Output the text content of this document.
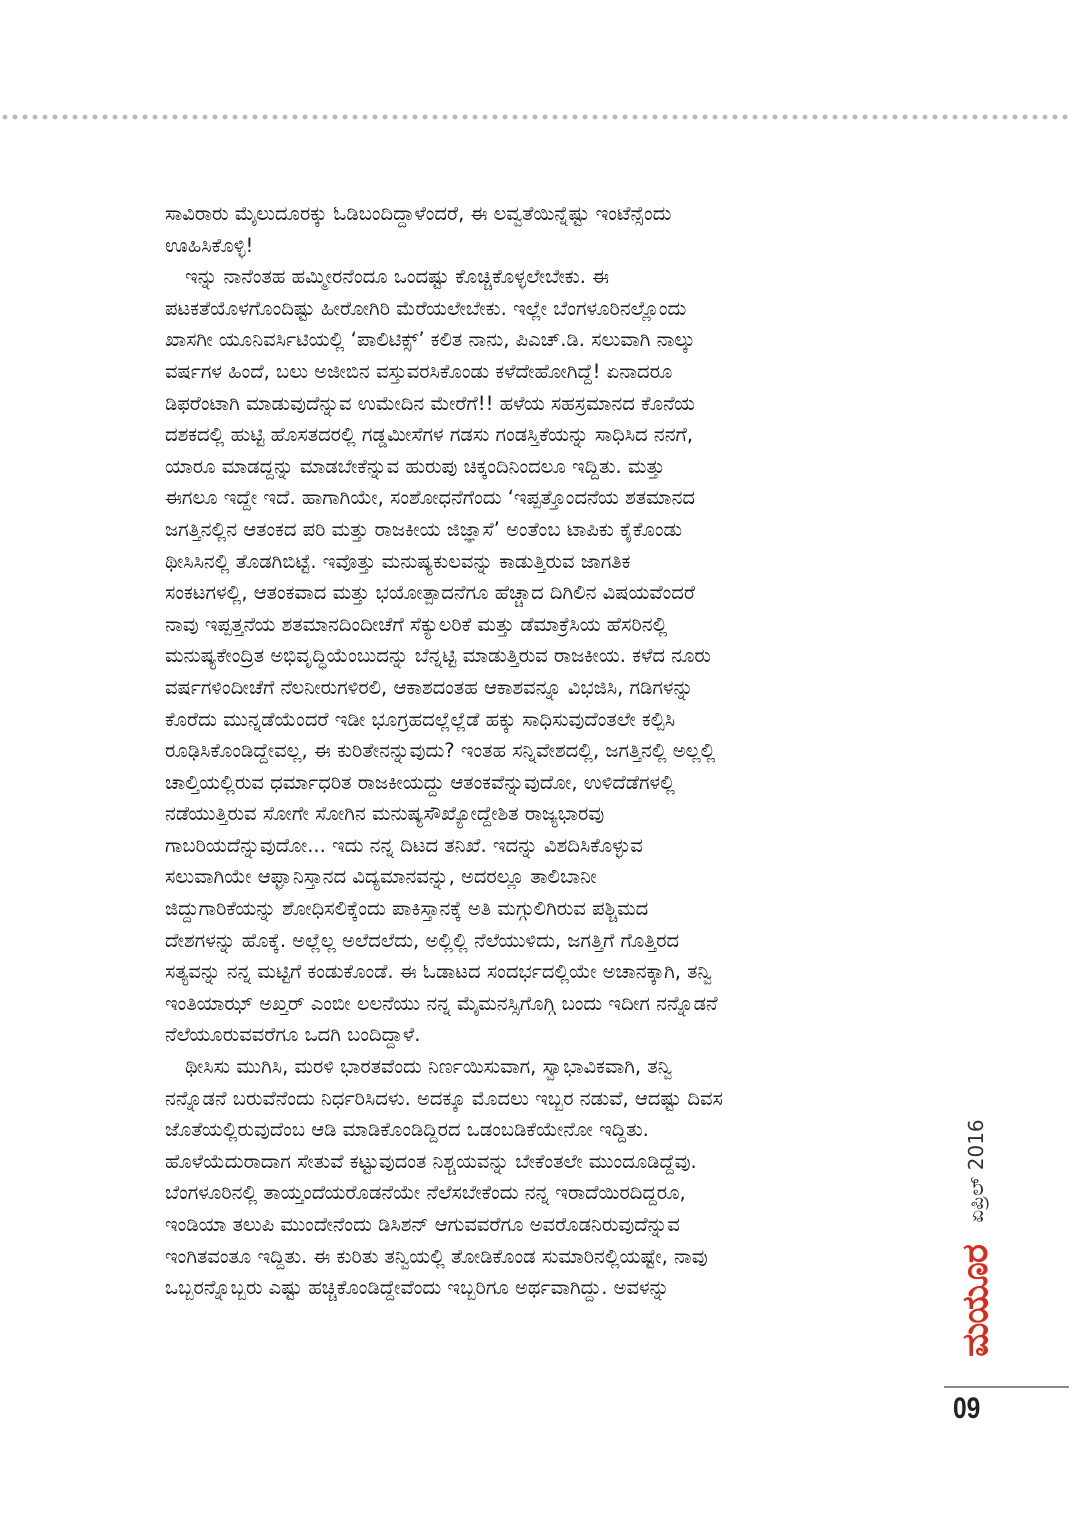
ಸಾವಿರಾರು ಮೈಲುದೂರಕ್ಕು ಓಡಿಬಂದಿದ್ದಾಳೆಂದರೆ, ಈ ಲವ್ವತೆಯಿನ್ನೆಷ್ಟು ಇಂಟೆನ್ಸೆಂದು
ಊಹಿಸಿಕೊಳ್ಳಿ!

ಇನ್ನು ನಾನೆಂತಹ ಹಮ್ಮೀರನೆಂದೂ ಒಂದಷ್ಟು ಕೊಚ್ಚಿಕೊಳ್ಳಲೇಬೇಕು. ಈ
ಪಟಕತೆಯೊಳಗೊಂದಿಷ್ಟು ಹೀರೋಗಿರಿ ಮೆರೆಯಲೇಬೇಕು. ಇಲ್ಲೇ ಬೆಂಗಳೂರಿನಲ್ಲೊಂದು
ಖಾಸಗೀ ಯೂನಿವರ್ಸಿಟಿಯಲ್ಲಿ ‘ಪಾಲಿಟಿಕ್ಸ್’ ಕಲಿತ ನಾನು, ಪಿಎಚ್.ಡಿ. ಸಲುವಾಗಿ ನಾಲ್ಕು
ವರ್ಷಗಳ ಹಿಂದೆ, ಬಲು ಅಜೀಬಿನ ವಸ್ತುವರಸಿಕೊಂಡು ಕಳೆದೇಹೋಗಿದ್ದೆ! ಏನಾದರೂ
ಡಿಫರೆಂಟಾಗಿ ಮಾಡುವುದೆನ್ನುವ ಉಮೇದಿನ ಮೇರೆಗೆ!! ಹಳೆಯ ಸಹಸ್ರಮಾನದ ಕೊನೆಯ
ದಶಕದಲ್ಲಿ ಹುಟ್ಟಿ ಹೊಸತದರಲ್ಲಿ ಗಡ್ಡಮೀಸೆಗಳ ಗಡಸು ಗಂಡಸ್ತಿಕೆಯನ್ನು ಸಾಧಿಸಿದ ನನಗೆ,
ಯಾರೂ ಮಾಡದ್ದನ್ನು ಮಾಡಬೇಕೆನ್ನುವ ಹುರುಪು ಚಿಕ್ಕಂದಿನಿಂದಲೂ ಇದ್ದಿತು. ಮತ್ತು
ಈಗಲೂ ಇದ್ದೇ ಇದೆ. ಹಾಗಾಗಿಯೇ, ಸಂಶೋಧನೆಗೆಂದು ‘ಇಪ್ಪತ್ತೊಂದನೆಯ ಶತಮಾನದ
ಜಗತ್ತಿನಲ್ಲಿನ ಆತಂಕದ ಪರಿ ಮತ್ತು ರಾಜಕೀಯ ಜಿಜ್ಞಾಸೆ’ ಅಂತೆಂಬ ಟಾಪಿಕು ಕೈಕೊಂಡು
ಥೀಸಿಸಿನಲ್ಲಿ ತೊಡಗಿಬಿಟ್ಟೆ. ಇವೊತ್ತು ಮನುಷ್ಯಕುಲವನ್ನು ಕಾಡುತ್ತಿರುವ ಜಾಗತಿಕ
ಸಂಕಟಗಳಲ್ಲಿ, ಆತಂಕವಾದ ಮತ್ತು ಭಯೋತ್ಪಾದನೆಗೂ ಹೆಚ್ಚಾದ ದಿಗಿಲಿನ ವಿಷಯವೆಂದರೆ
ನಾವು ಇಪ್ಪತ್ತನೆಯ ಶತಮಾನದಿಂದೀಚೆಗೆ ಸೆಕ್ಯುಲರಿಕೆ ಮತ್ತು ಡೆಮಾಕ್ರೆಸಿಯ ಹೆಸರಿನಲ್ಲಿ
ಮನುಷ್ಯಕೇಂದ್ರಿತ ಅಭಿವೃದ್ಧಿಯೆಂಬುದನ್ನು ಬೆನ್ನಟ್ಟಿ ಮಾಡುತ್ತಿರುವ ರಾಜಕೀಯ. ಕಳೆದ ನೂರು
ವರ್ಷಗಳಿಂದೀಚೆಗೆ ನೆಲನೀರುಗಳಿರಲಿ, ಆಕಾಶದಂತಹ ಆಕಾಶವನ್ನೂ ವಿಭಜಿಸಿ, ಗಡಿಗಳನ್ನು
ಕೊರೆದು ಮುನ್ನಡೆಯೆಂದರೆ ಇಡೀ ಭೂಗ್ರಹದಲ್ಲೆಲ್ಲೆಡೆ ಹಕ್ಕು ಸಾಧಿಸುವುದೆಂತಲೇ ಕಲ್ಪಿಸಿ
ರೂಢಿಸಿಕೊಂಡಿದ್ದೇವಲ್ಲ, ಈ ಕುರಿತೇನನ್ನುವುದು? ಇಂತಹ ಸನ್ನಿವೇಶದಲ್ಲಿ, ಜಗತ್ತಿನಲ್ಲಿ ಅಲ್ಲಲ್ಲಿ
ಚಾಲ್ತಿಯಲ್ಲಿರುವ ಧರ್ಮಾಧರಿತ ರಾಜಕೀಯದ್ದು ಆತಂಕವೆನ್ನುವುದೋ, ಉಳಿದೆಡೆಗಳಲ್ಲಿ
ನಡೆಯುತ್ತಿರುವ ಸೋಗೇ ಸೋಗಿನ ಮನುಷ್ಯಸೌಖ್ಯೋದ್ದೇಶಿತ ರಾಜ್ಯಭಾರವು
ಗಾಬರಿಯದೆನ್ನುವುದೋ... ಇದು ನನ್ನ ದಿಟದ ತನಿಖೆ. ಇದನ್ನು ವಿಶದಿಸಿಕೊಳ್ಳುವ
ಸಲುವಾಗಿಯೇ ಆಫ್ಘಾನಿಸ್ತಾನದ ವಿದ್ಯಮಾನವನ್ನು, ಅದರಲ್ಲೂ ತಾಲಿಬಾನೀ
ಜಿದ್ದುಗಾರಿಕೆಯನ್ನು ಶೋಧಿಸಲಿಕ್ಕೆಂದು ಪಾಕಿಸ್ತಾನಕ್ಕೆ ಅತಿ ಮಗ್ಗುಲಿಗಿರುವ ಪಶ್ಚಿಮದ
ದೇಶಗಳನ್ನು ಹೊಕ್ಕೆ. ಅಲ್ಲೆಲ್ಲ ಅಲೆದಲೆದು, ಅಲ್ಲಿಲ್ಲಿ ನೆಲೆಯುಳಿದು, ಜಗತ್ತಿಗೆ ಗೊತ್ತಿರದ
ಸತ್ಯವನ್ನು ನನ್ನ ಮಟ್ಟಿಗೆ ಕಂಡುಕೊಂಡೆ. ಈ ಓಡಾಟದ ಸಂದರ್ಭದಲ್ಲಿಯೇ ಅಚಾನಕ್ಕಾಗಿ, ತನ್ವಿ
ಇಂತಿಯಾಝ್ ಅಖ್ತರ್ ಎಂಬೀ ಲಲನೆಯು ನನ್ನ ಮೈಮನಸ್ಸಿಗೊಗ್ಗಿ ಬಂದು ಇದೀಗ ನನ್ನೊಡನೆ
ನೆಲೆಯೂರುವವರೆಗೂ ಒದಗಿ ಬಂದಿದ್ದಾಳೆ.

ಥೀಸಿಸು ಮುಗಿಸಿ, ಮರಳಿ ಭಾರತವೆಂದು ನಿರ್ಣಯಿಸುವಾಗ, ಸ್ವಾಭಾವಿಕವಾಗಿ, ತನ್ವಿ
ನನ್ನೊಡನೆ ಬರುವೆನೆಂದು ನಿರ್ಧರಿಸಿದಳು. ಅದಕ್ಕೂ ಮೊದಲು ಇಬ್ಬರ ನಡುವೆ, ಆದಷ್ಟು ದಿವಸ
ಜೊತೆಯಲ್ಲಿರುವುದೆಂಬ ಆಡಿ ಮಾಡಿಕೊಂಡಿದ್ದಿರದ ಒಡಂಬಡಿಕೆಯೇನೋ ಇದ್ದಿತು.
ಹೊಳೆಯೆದುರಾದಾಗ ಸೇತುವೆ ಕಟ್ಟುವುದಂತ ನಿಶ್ಚಯವನ್ನು ಬೇಕೆಂತಲೇ ಮುಂದೂಡಿದ್ದೆವು.
ಬೆಂಗಳೂರಿನಲ್ಲಿ ತಾಯ್ತಂದೆಯರೊಡನೆಯೇ ನೆಲೆಸಬೇಕೆಂದು ನನ್ನ ಇರಾದೆಯಿರದಿದ್ದರೂ,
ಇಂಡಿಯಾ ತಲುಪಿ ಮುಂದೇನೆಂದು ಡಿಸಿಶನ್ ಆಗುವವರೆಗೂ ಅವರೊಡನಿರುವುದೆನ್ನುವ
ಇಂಗಿತವಂತೂ ಇದ್ದಿತು. ಈ ಕುರಿತು ತನ್ವಿಯಲ್ಲಿ ತೋಡಿಕೊಂಡ ಸುಮಾರಿನಲ್ಲಿಯಷ್ಟೇ, ನಾವು
ಒಬ್ಬರನ್ನೊಬ್ಬರು ಎಷ್ಟು ಹಚ್ಚಿಕೊಂಡಿದ್ದೇವೆಂದು ಇಬ್ಬರಿಗೂ ಅರ್ಥವಾಗಿದ್ದು. ಅವಳನ್ನು

ಏಪ್ರಿಲ್ 2016
ಮಯೂರ
09
